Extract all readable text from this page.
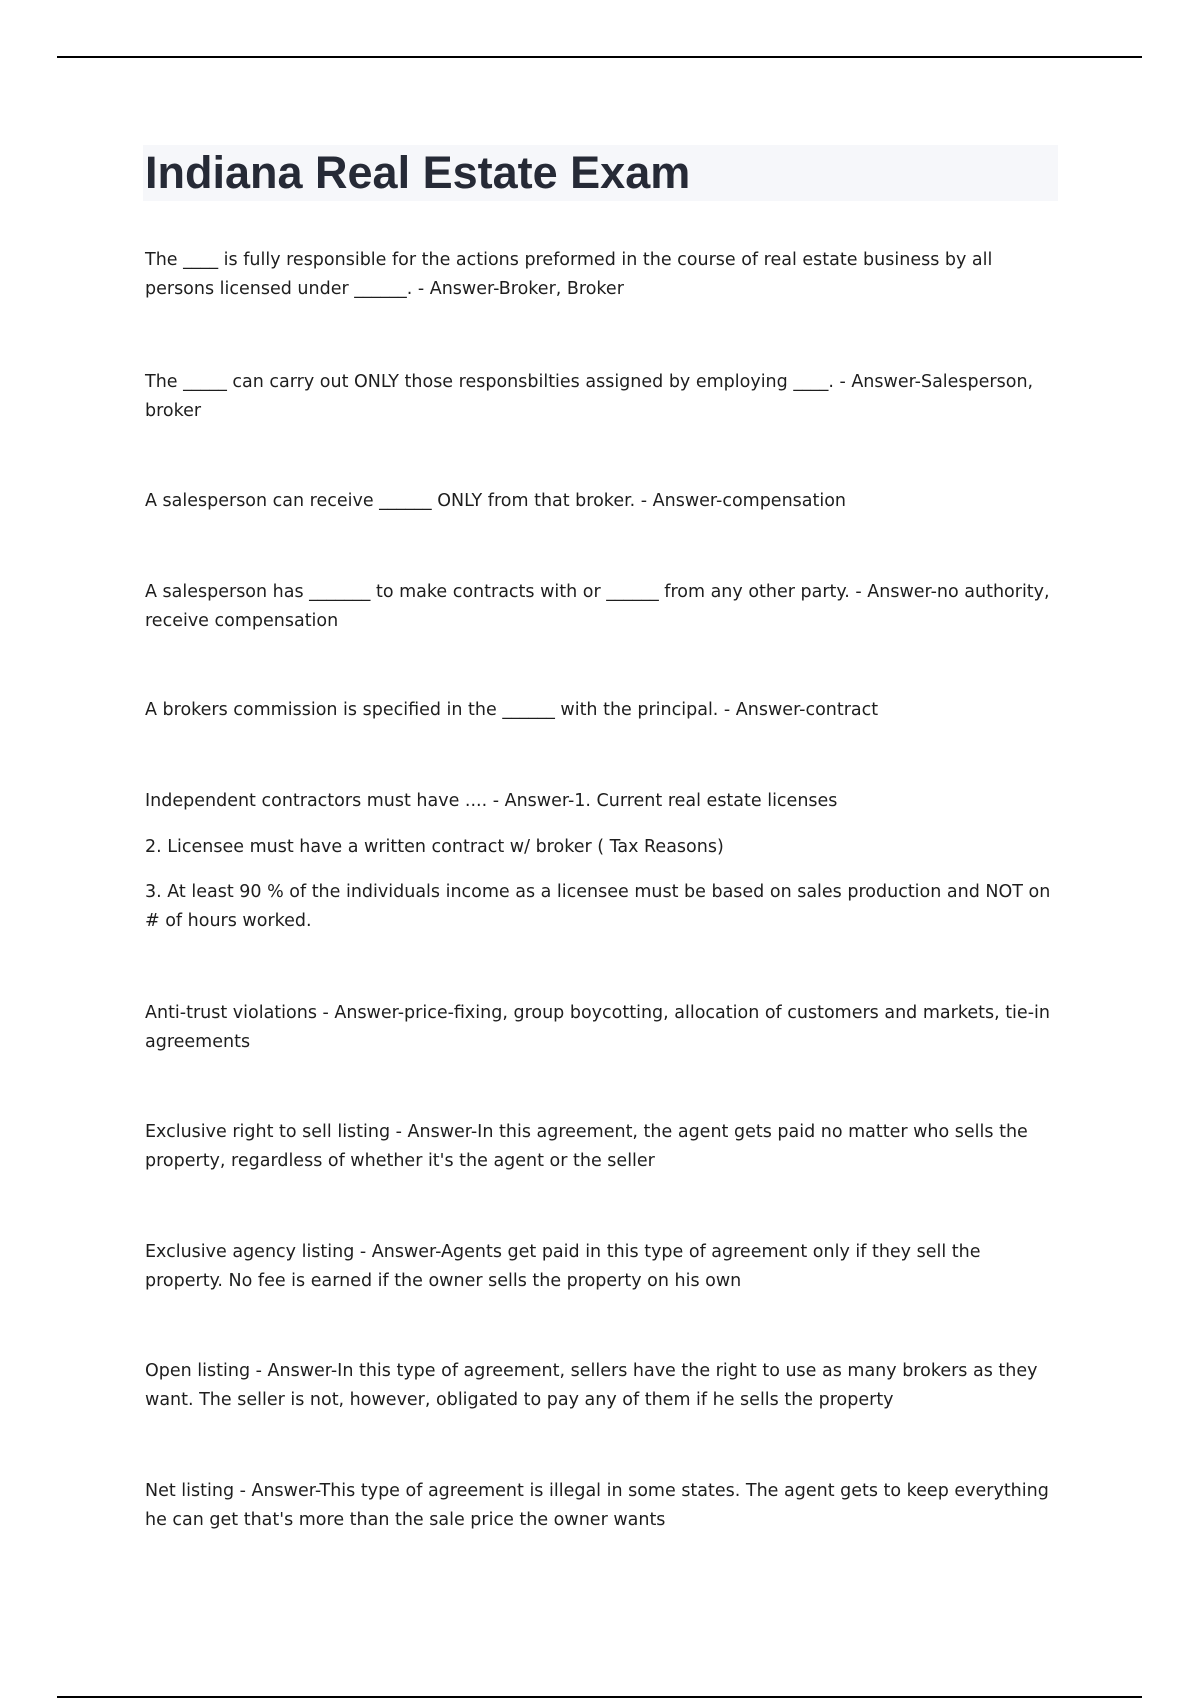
Indiana Real Estate Exam

The ____ is fully responsible for the actions preformed in the course of real estate business by all persons licensed under ______. - Answer-Broker, Broker

The _____ can carry out ONLY those responsbilties assigned by employing ____. - Answer-Salesperson, broker

A salesperson can receive ______ ONLY from that broker. - Answer-compensation

A salesperson has _______ to make contracts with or ______ from any other party. - Answer-no authority, receive compensation

A brokers commission is specified in the ______ with the principal. - Answer-contract

Independent contractors must have .... - Answer-1. Current real estate licenses

2. Licensee must have a written contract w/ broker ( Tax Reasons)

3. At least 90 % of the individuals income as a licensee must be based on sales production and NOT on # of hours worked.

Anti-trust violations - Answer-price-fixing, group boycotting, allocation of customers and markets, tie-in agreements

Exclusive right to sell listing - Answer-In this agreement, the agent gets paid no matter who sells the property, regardless of whether it's the agent or the seller

Exclusive agency listing - Answer-Agents get paid in this type of agreement only if they sell the property. No fee is earned if the owner sells the property on his own

Open listing - Answer-In this type of agreement, sellers have the right to use as many brokers as they want. The seller is not, however, obligated to pay any of them if he sells the property

Net listing - Answer-This type of agreement is illegal in some states. The agent gets to keep everything he can get that's more than the sale price the owner wants
